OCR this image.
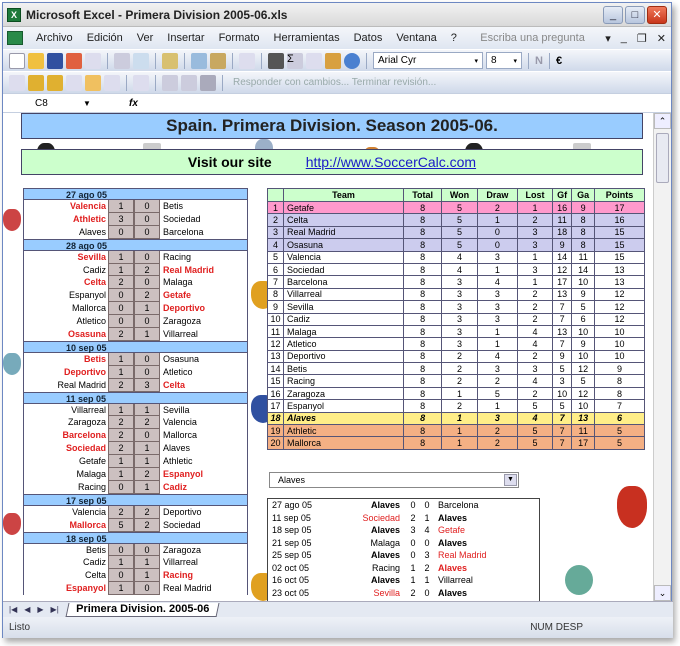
X Microsoft Excel - Primera Division 2005-06.xls	_	□	✕
Archivo	Edición	Ver	Insertar	Formato	Herramientas	Datos	Ventana	?	Escriba una pregunta	▾ _ ❐ ✕
Σ	Arial Cyr	▾ 8 ▾ N €
Responder con cambios... Terminar revisión...
C8	▼	fx
Spain. Primera Division. Season 2005-06.
Visit our site http://www.SoccerCalc.com
27 ago 05
Valencia	1	0	Betis
Athletic	3	0	Sociedad
Alaves	0	0	Barcelona
28 ago 05
Sevilla	1	0	Racing
Cadiz	1	2	Real Madrid
Celta	2	0	Malaga
Espanyol	0	2	Getafe
Mallorca	0	1	Deportivo
Atletico	0	0	Zaragoza
Osasuna	2	1	Villarreal
10 sep 05
Betis	1	0	Osasuna
Deportivo	1	0	Atletico
Real Madrid	2	3	Celta
11 sep 05
Villarreal	1	1	Sevilla
Zaragoza	2	2	Valencia
Barcelona	2	0	Mallorca
Sociedad	2	1	Alaves
Getafe	1	1	Athletic
Malaga	1	2	Espanyol
Racing	0	1	Cadiz
17 sep 05
Valencia	2	2	Deportivo
Mallorca	5	2	Sociedad
18 sep 05
Betis	0	0	Zaragoza
Cadiz	1	1	Villarreal
Celta	0	1	Racing
Espanyol	1	0	Real Madrid
	Team	Total	Won	Draw	Lost	Gf	Ga	Points
1	Getafe	8	5	2	1	16	9	17
2	Celta	8	5	1	2	11	8	16
3	Real Madrid	8	5	0	3	18	8	15
4	Osasuna	8	5	0	3	9	8	15
5	Valencia	8	4	3	1	14	11	15
6	Sociedad	8	4	1	3	12	14	13
7	Barcelona	8	3	4	1	17	10	13
8	Villarreal	8	3	3	2	13	9	12
9	Sevilla	8	3	3	2	7	5	12
10	Cadiz	8	3	3	2	7	6	12
11	Malaga	8	3	1	4	13	10	10
12	Atletico	8	3	1	4	7	9	10
13	Deportivo	8	2	4	2	9	10	10
14	Betis	8	2	3	3	5	12	9
15	Racing	8	2	2	4	3	5	8
16	Zaragoza	8	1	5	2	10	12	8
17	Espanyol	8	2	1	5	5	10	7
18	Alaves	8	1	3	4	7	13	6
19	Athletic	8	1	2	5	7	11	5
20	Mallorca	8	1	2	5	7	17	5
Alaves	▼
27 ago 05	Alaves	0 0 Barcelona
11 sep 05	Sociedad	2 1 Alaves
18 sep 05	Alaves	3 4 Getafe
21 sep 05	Malaga	0 0 Alaves
25 sep 05	Alaves	0 3 Real Madrid
02 oct 05	Racing	1 2 Alaves
16 oct 05	Alaves	1 1 Villarreal
23 oct 05	Sevilla	2 0 Alaves
⌃
⌄
|◀ ◀ ▶ ▶|	Primera Division. 2005-06
Listo	NUM DESP
